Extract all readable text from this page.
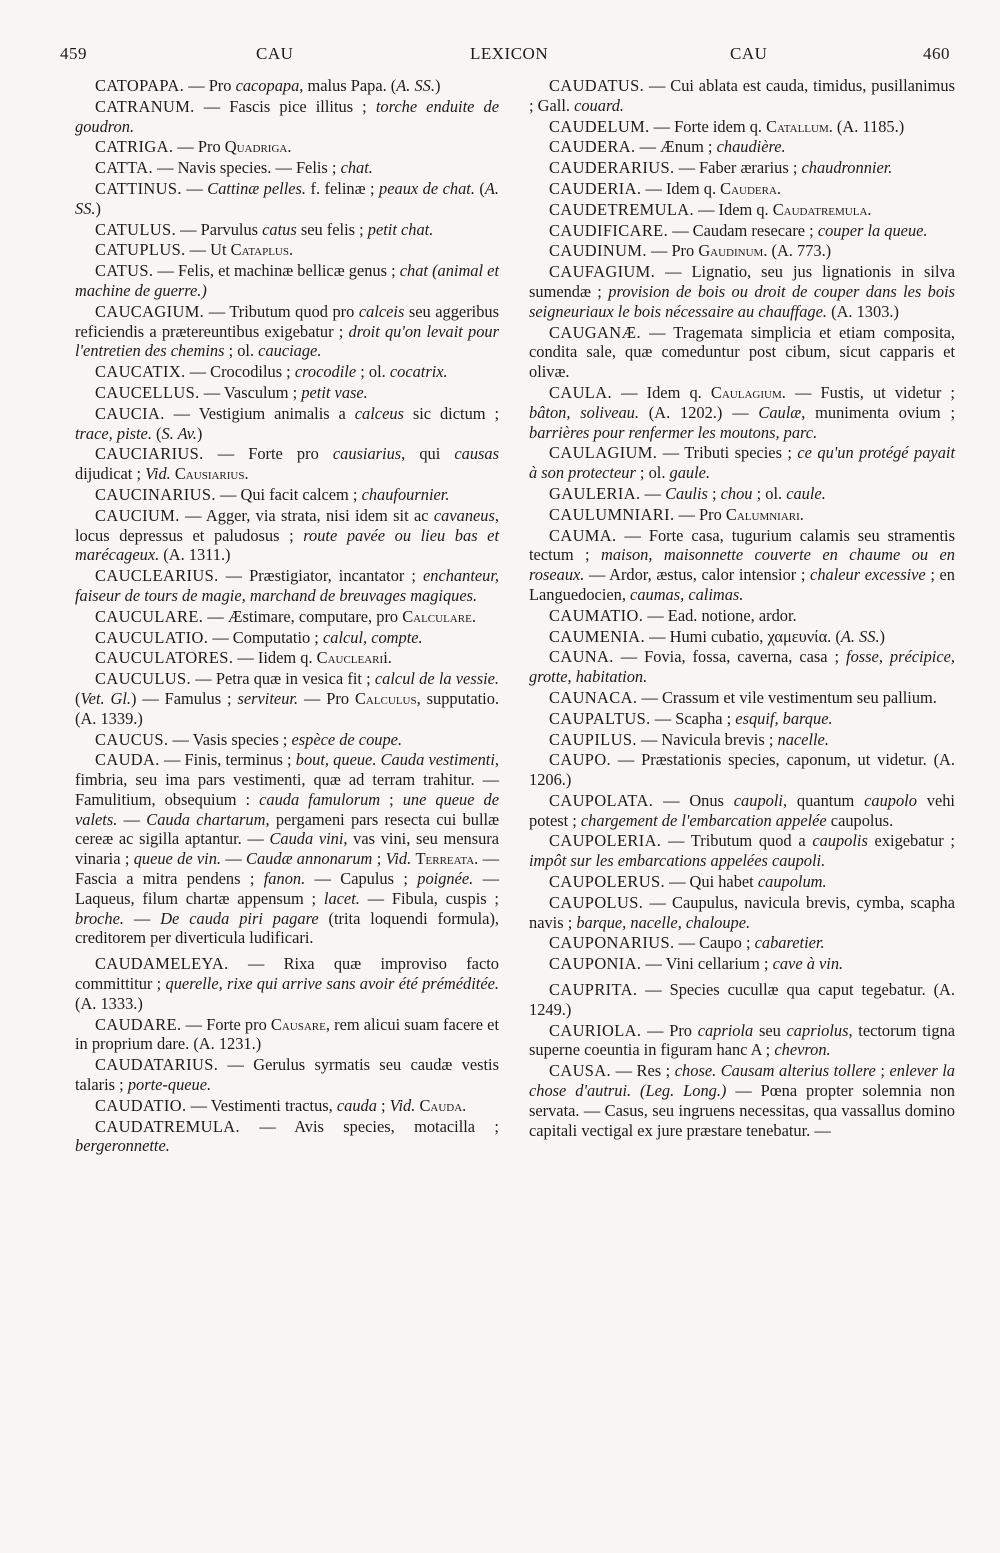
459	CAU	LEXICON	CAU	460

CATOPAPA. — Pro cacopapa, malus Papa. (A. SS.)

CATRANUM. — Fascis pice illitus ; torche enduite de goudron.

CATRIGA. — Pro Quadriga.

CATTA. — Navis species. — Felis ; chat.

CATTINUS. — Cattinæ pelles. f. felinæ ; peaux de chat. (A. SS.)

CATULUS. — Parvulus catus seu felis ; petit chat.

CATUPLUS. — Ut Cataplus.

CATUS. — Felis, et machinæ bellicæ genus ; chat (animal et machine de guerre.)

CAUCAGIUM. — Tributum quod pro calceis seu aggeribus reficiendis a prætereuntibus exigebatur ; droit qu'on levait pour l'entretien des chemins ; ol. cauciage.

CAUCATIX. — Crocodilus ; crocodile ; ol. cocatrix.

CAUCELLUS. — Vasculum ; petit vase.

CAUCIA. — Vestigium animalis a calceus sic dictum ; trace, piste. (S. Av.)

CAUCIARIUS. — Forte pro causiarius, qui causas dijudicat ; Vid. Causiarius.

CAUCINARIUS. — Qui facit calcem ; chaufournier.

CAUCIUM. — Agger, via strata, nisi idem sit ac cavaneus, locus depressus et paludosus ; route pavée ou lieu bas et marécageux. (A. 1311.)

CAUCLEARIUS. — Præstigiator, incantator ; enchanteur, faiseur de tours de magie, marchand de breuvages magiques.

CAUCULARE. — Æstimare, computare, pro Calculare.

CAUCULATIO. — Computatio ; calcul, compte.

CAUCULATORES. — Iidem q. Cauclearii.

CAUCULUS. — Petra quæ in vesica fit ; calcul de la vessie. (Vet. Gl.) — Famulus ; serviteur. — Pro Calculus, supputatio. (A. 1339.)

CAUCUS. — Vasis species ; espèce de coupe.

CAUDA. — Finis, terminus ; bout, queue. Cauda vestimenti, fimbria, seu ima pars vestimenti, quæ ad terram trahitur. — Famulitium, obsequium : cauda famulorum ; une queue de valets. — Cauda chartarum, pergameni pars resecta cui bullæ cereæ ac sigilla aptantur. — Cauda vini, vas vini, seu mensura vinaria ; queue de vin. — Caudæ annonarum ; Vid. Terreata. — Fascia a mitra pendens ; fanon. — Capulus ; poignée. — Laqueus, filum chartæ appensum ; lacet. — Fibula, cuspis ; broche. — De cauda piri pagare (trita loquendi formula), creditorem per diverticula ludificari.

CAUDAMELEYA. — Rixa quæ improviso facto committitur ; querelle, rixe qui arrive sans avoir été préméditée. (A. 1333.)

CAUDARE. — Forte pro Causare, rem alicui suam facere et in proprium dare. (A. 1231.)

CAUDATARIUS. — Gerulus syrmatis seu caudæ vestis talaris ; porte-queue.

CAUDATIO. — Vestimenti tractus, cauda ; Vid. Cauda.

CAUDATREMULA. — Avis species, motacilla ; bergeronnette.

CAUDATUS. — Cui ablata est cauda, timidus, pusillanimus ; Gall. couard.

CAUDELUM. — Forte idem q. Catallum. (A. 1185.)

CAUDERA. — Ænum ; chaudière.

CAUDERARIUS. — Faber ærarius ; chaudronnier.

CAUDERIA. — Idem q. Caudera.

CAUDETREMULA. — Idem q. Caudatremula.

CAUDIFICARE. — Caudam resecare ; couper la queue.

CAUDINUM. — Pro Gaudinum. (A. 773.)

CAUFAGIUM. — Lignatio, seu jus lignationis in silva sumendæ ; provision de bois ou droit de couper dans les bois seigneuriaux le bois nécessaire au chauffage. (A. 1303.)

CAUGANÆ. — Tragemata simplicia et etiam composita, condita sale, quæ comeduntur post cibum, sicut capparis et olivæ.

CAULA. — Idem q. Caulagium. — Fustis, ut videtur ; bâton, soliveau. (A. 1202.) — Caulæ, munimenta ovium ; barrières pour renfermer les moutons, parc.

CAULAGIUM. — Tributi species ; ce qu'un protégé payait à son protecteur ; ol. gaule.

GAULERIA. — Caulis ; chou ; ol. caule.

CAULUMNIARI. — Pro Calumniari.

CAUMA. — Forte casa, tugurium calamis seu stramentis tectum ; maison, maisonnette couverte en chaume ou en roseaux. — Ardor, æstus, calor intensior ; chaleur excessive ; en Languedocien, caumas, calimas.

CAUMATIO. — Ead. notione, ardor.

CAUMENIA. — Humi cubatio, χαμευνία. (A. SS.)

CAUNA. — Fovia, fossa, caverna, casa ; fosse, précipice, grotte, habitation.

CAUNACA. — Crassum et vile vestimentum seu pallium.

CAUPALTUS. — Scapha ; esquif, barque.

CAUPILUS. — Navicula brevis ; nacelle.

CAUPO. — Præstationis species, caponum, ut videtur. (A. 1206.)

CAUPOLATA. — Onus caupoli, quantum caupolo vehi potest ; chargement de l'embarcation appelée caupolus.

CAUPOLERIA. — Tributum quod a caupolis exigebatur ; impôt sur les embarcations appelées caupoli.

CAUPOLERUS. — Qui habet caupolum.

CAUPOLUS. — Caupulus, navicula brevis, cymba, scapha navis ; barque, nacelle, chaloupe.

CAUPONARIUS. — Caupo ; cabaretier.

CAUPONIA. — Vini cellarium ; cave à vin.

CAUPRITA. — Species cucullæ qua caput tegebatur. (A. 1249.)

CAURIOLA. — Pro capriola seu capriolus, tectorum tigna superne coeuntia in figuram hanc A ; chevron.

CAUSA. — Res ; chose. Causam alterius tollere ; enlever la chose d'autrui. (Leg. Long.) — Pœna propter solemnia non servata. — Casus, seu ingruens necessitas, qua vassallus domino capitali vectigal ex jure præstare tenebatur. —
